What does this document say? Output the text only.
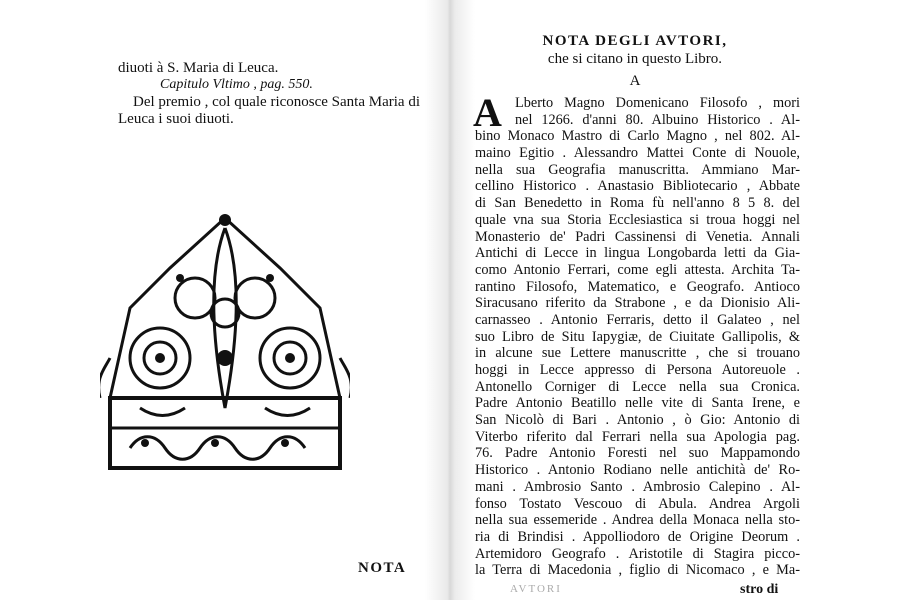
diuoti à S. Maria di Leuca.
Capitulo Vltimo , pag. 550.
Del premio , col quale riconosce Santa Maria di
Leuca i suoi diuoti.
NOTA
NOTA DEGLI AVTORI,
che si citano in questo Libro.
A
A Lberto Magno Domenicano Filosofo , mori
nel 1266. d'anni 80. Albuino Historico . Al-
bino Monaco Mastro di Carlo Magno , nel 802. Al-
maino Egitio . Alessandro Mattei Conte di Nouole,
nella sua Geografia manuscritta. Ammiano Mar-
cellino Historico . Anastasio Bibliotecario , Abbate
di San Benedetto in Roma fù nell'anno 8 5 8. del
quale vna sua Storia Ecclesiastica si troua hoggi nel
Monasterio de' Padri Cassinensi di Venetia. Annali
Antichi di Lecce in lingua Longobarda letti da Gia-
como Antonio Ferrari, come egli attesta. Archita Ta-
rantino Filosofo, Matematico, e Geografo. Antioco
Siracusano riferito da Strabone , e da Dionisio Ali-
carnasseo . Antonio Ferraris, detto il Galateo , nel
suo Libro de Situ Iapygiæ, de Ciuitate Gallipolis, &
in alcune sue Lettere manuscritte , che si trouano
hoggi in Lecce appresso di Persona Autoreuole .
Antonello Corniger di Lecce nella sua Cronica.
Padre Antonio Beatillo nelle vite di Santa Irene, e
San Nicolò di Bari . Antonio , ò Gio: Antonio di
Viterbo riferito dal Ferrari nella sua Apologia pag.
76. Padre Antonio Foresti nel suo Mappamondo
Historico . Antonio Rodiano nelle antichità de' Ro-
mani . Ambrosio Santo . Ambrosio Calepino . Al-
fonso Tostato Vescouo di Abula. Andrea Argoli
nella sua essemeride . Andrea della Monaca nella sto-
ria di Brindisi . Appolliodoro de Origine Deorum .
Artemidoro Geografo . Aristotile di Stagira picco-
la Terra di Macedonia , figlio di Nicomaco , e Ma-
AVTORI	stro di
